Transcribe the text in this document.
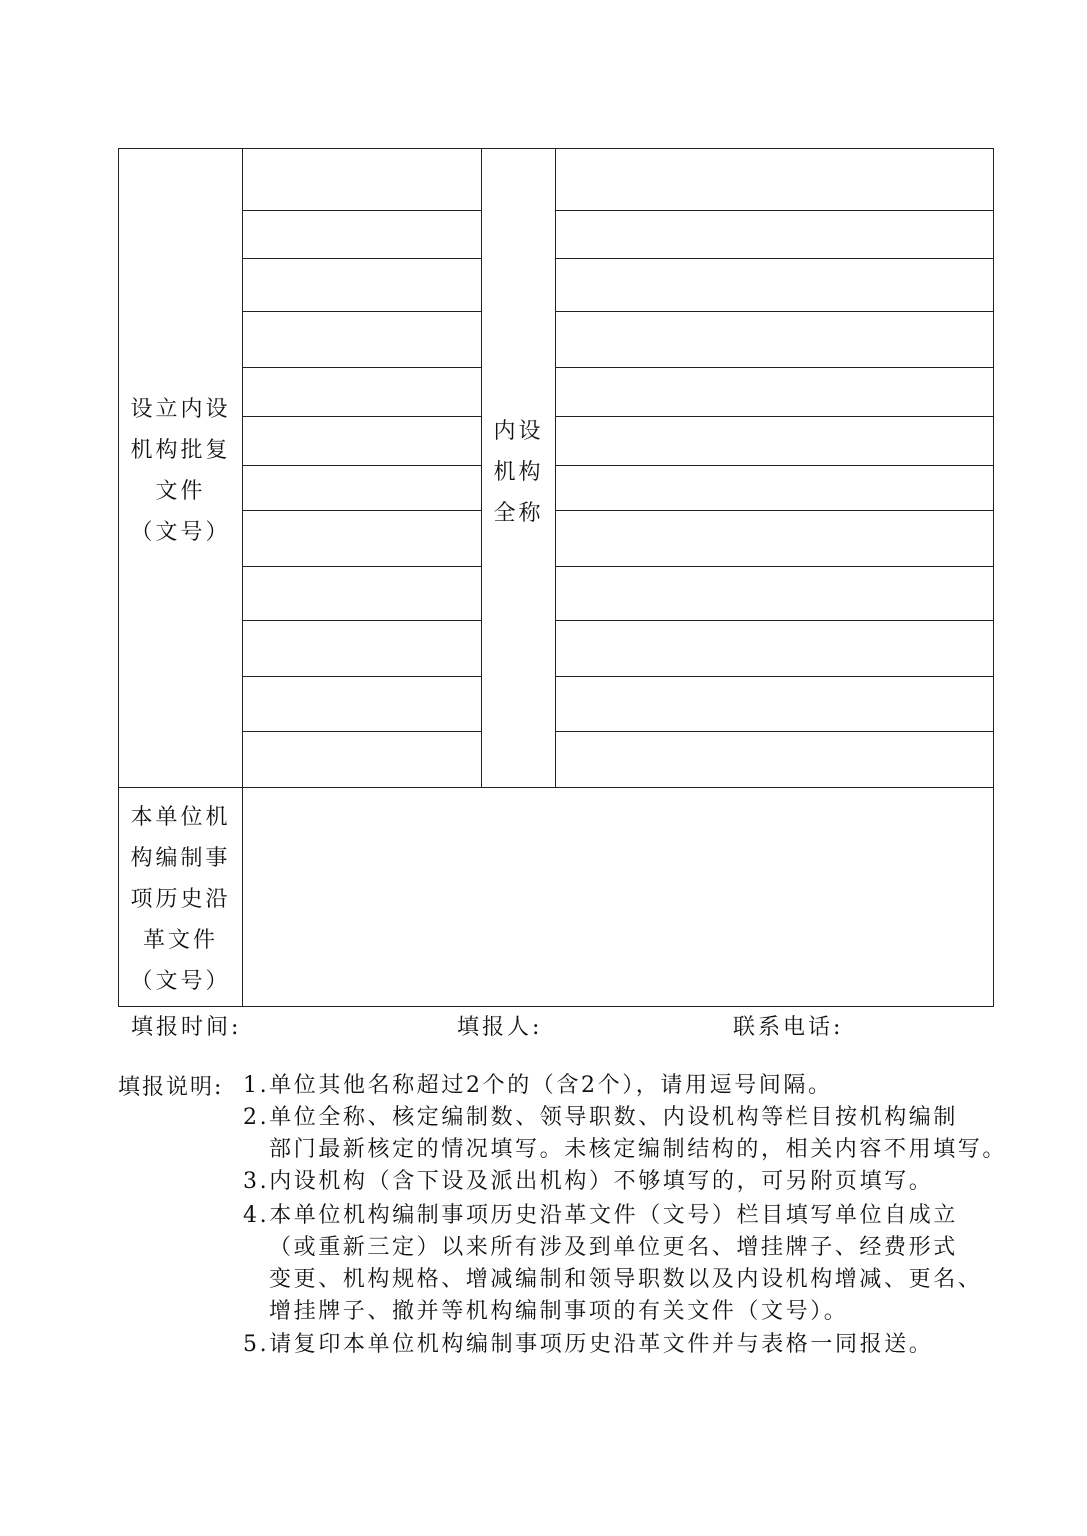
设立内设
机构批复
文件
（文号）
内设
机构
全称
本单位机
构编制事
项历史沿
革文件
（文号）
填报时间:	填报人:	联系电话:
填报说明: 1.单位其他名称超过2个的（含2个），请用逗号间隔。
2.单位全称、核定编制数、领导职数、内设机构等栏目按机构编制
部门最新核定的情况填写。未核定编制结构的，相关内容不用填写。
3.内设机构（含下设及派出机构）不够填写的，可另附页填写。
4.本单位机构编制事项历史沿革文件（文号）栏目填写单位自成立
（或重新三定）以来所有涉及到单位更名、增挂牌子、经费形式
变更、机构规格、增减编制和领导职数以及内设机构增减、更名、
增挂牌子、撤并等机构编制事项的有关文件（文号）。
5.请复印本单位机构编制事项历史沿革文件并与表格一同报送。
